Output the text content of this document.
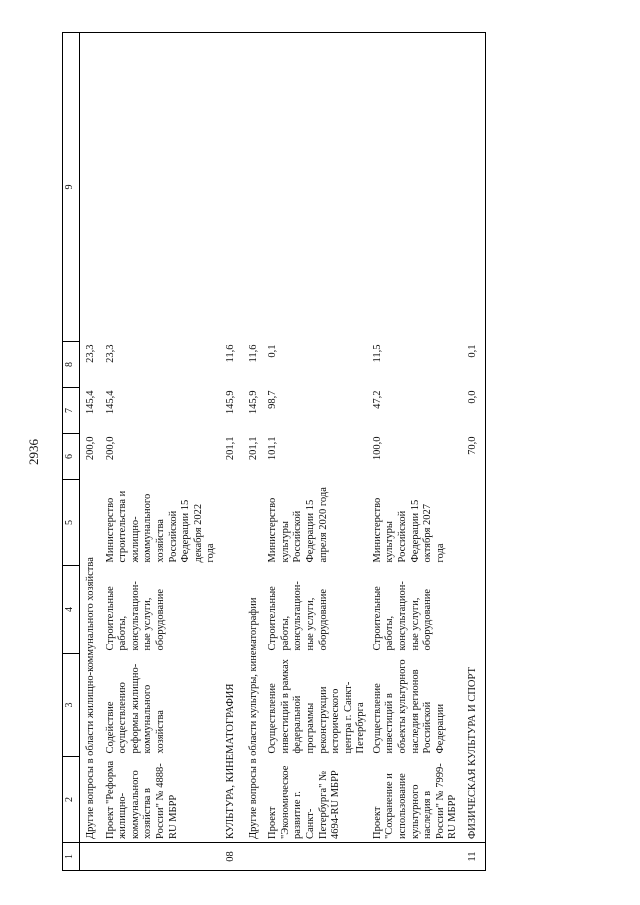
2936
1	2	3	4	5	6	7	8	9
	Другие вопросы в области жилищно-коммунального хозяйства				200,0	145,4	23,3	
	Проект "Реформа жилищно-коммунального хозяйства в России" № 4888-RU МБРР	Содействие осуществлению реформы жилищно-коммунального хозяйства	Строительные работы, консультацион-ные услуги, оборудование	Министерство строительства и жилищно-коммунального хозяйства Российской Федерации 15 декабря 2022 года	200,0	145,4	23,3	
08	КУЛЬТУРА, КИНЕМАТОГРАФИЯ				201,1	145,9	11,6	
	Другие вопросы в области культуры, кинематографии				201,1	145,9	11,6	
	Проект "Экономическое развитие г. Санкт-Петербурга" № 4694-RU МБРР	Осуществление инвестиций в рамках федеральной программы реконструкции исторического центра г. Санкт-Петербурга	Строительные работы, консультацион-ные услуги, оборудование	Министерство культуры Российской Федерации 15 апреля 2020 года	101,1	98,7	0,1	
	Проект "Сохранение и использование культурного наследия в России" № 7999-RU МБРР	Осуществление инвестиций в объекты культурного наследия регионов Российской Федерации	Строительные работы, консультацион-ные услуги, оборудование	Министерство культуры Российской Федерации 15 октября 2027 года	100,0	47,2	11,5	
11	ФИЗИЧЕСКАЯ КУЛЬТУРА И СПОРТ				70,0	0,0	0,1	
